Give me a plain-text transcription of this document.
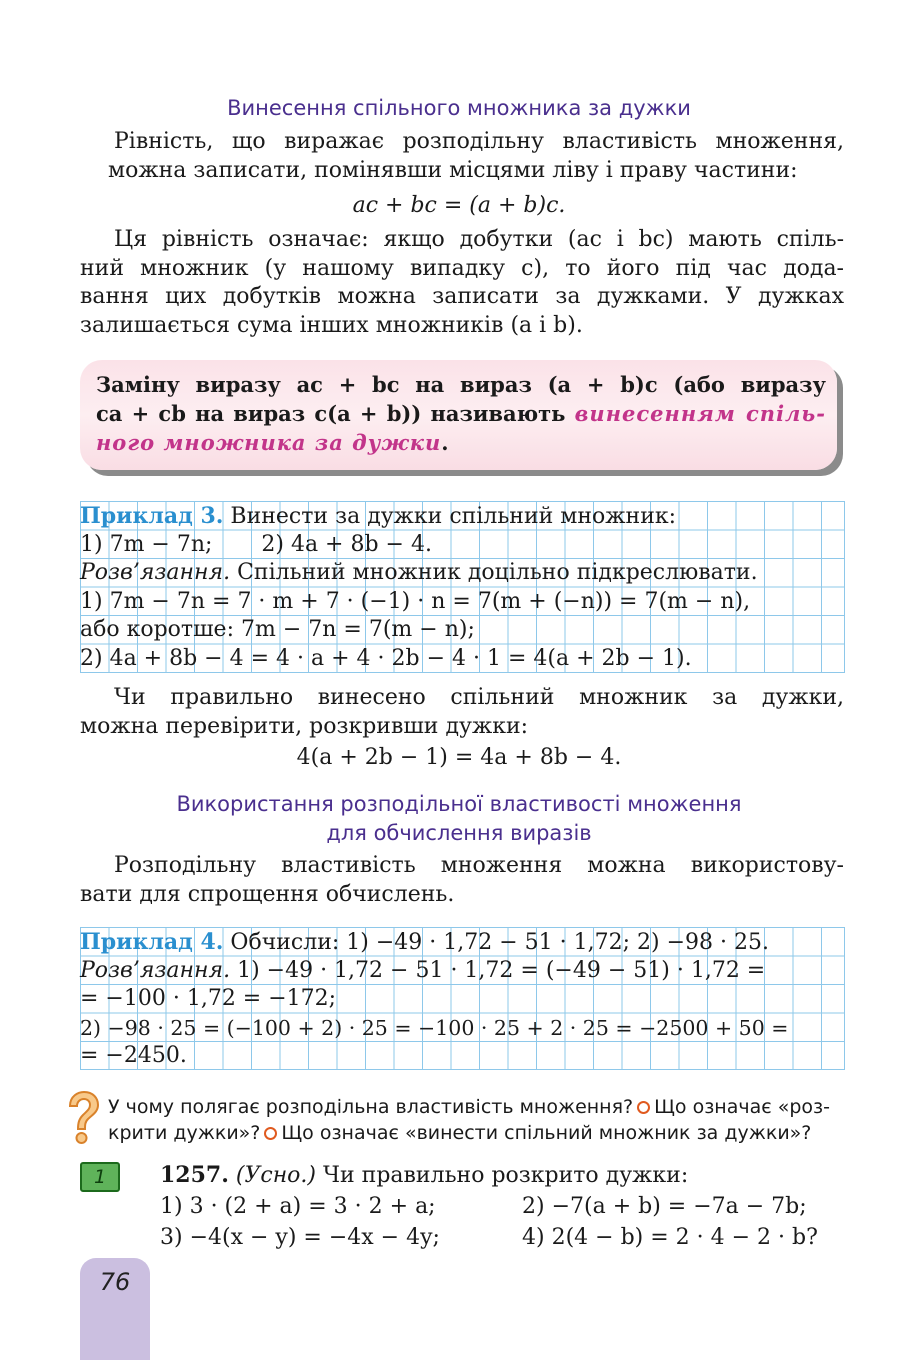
Винесення спільного множника за дужки
Рівність, що виражає розподільну властивість множення,
можна записати, помінявши місцями ліву і праву частини:
ac + bc = (a + b)c.
Ця рівність означає: якщо добутки (ac і bc) мають спіль-
ний множник (у нашому випадку c), то його під час дода-
вання цих добутків можна записати за дужками. У дужках
залишається сума інших множників (a і b).
Заміну виразу ac + bc на вираз (a + b)c (або виразу
ca + cb на вираз c(a + b)) називають винесенням спіль-
ного множника за дужки.
Приклад 3. Винести за дужки спільний множник:
1) 7m − 7n;       2) 4a + 8b − 4.
Розв’язання. Спільний множник доцільно підкреслювати.
1) 7m − 7n = 7 · m + 7 · (−1) · n = 7(m + (−n)) = 7(m − n),
або коротше: 7m − 7n = 7(m − n);
2) 4a + 8b − 4 = 4 · a + 4 · 2b − 4 · 1 = 4(a + 2b − 1).
Чи правильно винесено спільний множник за дужки,
можна перевірити, розкривши дужки:
4(a + 2b − 1) = 4a + 8b − 4.
Використання розподільної властивості множення
для обчислення виразів
Розподільну властивість множення можна використову-
вати для спрощення обчислень.
Приклад 4. Обчисли: 1) −49 · 1,72 − 51 · 1,72; 2) −98 · 25.
Розв’язання. 1) −49 · 1,72 − 51 · 1,72 = (−49 − 51) · 1,72 =
= −100 · 1,72 = −172;
2) −98 · 25 = (−100 + 2) · 25 = −100 · 25 + 2 · 25 = −2500 + 50 =
= −2450.
У чому полягає розподільна властивість множення? Що означає «роз-
крити дужки»? Що означає «винести спільний множник за дужки»?
1	1257. (Усно.) Чи правильно розкрито дужки:
1) 3 · (2 + a) = 3 · 2 + a;	2) −7(a + b) = −7a − 7b;
3) −4(x − y) = −4x − 4y;	4) 2(4 − b) = 2 · 4 − 2 · b?
76
